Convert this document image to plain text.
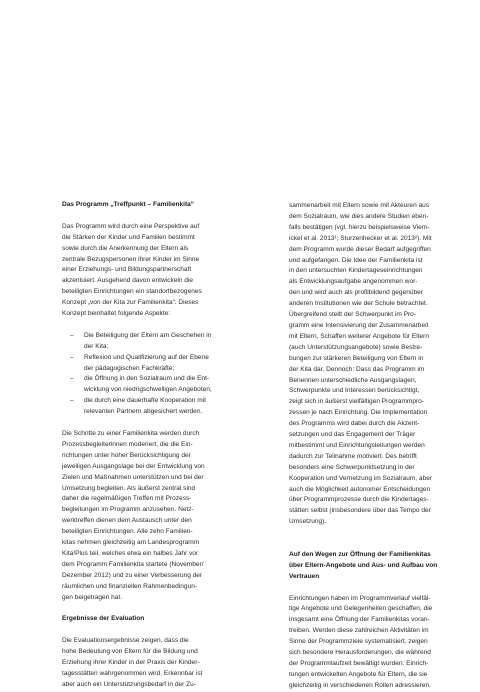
Das Programm „Treffpunkt – Familienkita“

Das Programm wird durch eine Perspektive auf
die Stärken der Kinder und Familien bestimmt
sowie durch die Anerkennung der Eltern als
zentrale Bezugspersonen ihrer Kinder im Sinne
einer Erziehungs- und Bildungspartnerschaft
akzentuiert. Ausgehend davon entwickeln die
beteiligten Einrichtungen ein standortbezogenes
Konzept „von der Kita zur Familienkita“. Dieses
Konzept beinhaltet folgende Aspekte:

– Die Beteiligung der Eltern am Geschehen in
der Kita;
– Reflexion und Qualifizierung auf der Ebene
der pädagogischen Fachkräfte;
– die Öffnung in den Sozialraum und die Ent-
wicklung von niedrigschwelligen Angeboten,
– die durch eine dauerhafte Kooperation mit
relevanten Partnern abgesichert werden.

Die Schritte zu einer Familienkita werden durch
Prozessbegleiterinnen moderiert, die die Ein-
richtungen unter hoher Berücksichtigung der
jeweiligen Ausgangslage bei der Entwicklung von
Zielen und Maßnahmen unterstützen und bei der
Umsetzung begleiten. Als äußerst zentral sind
daher die regelmäßigen Treffen mit Prozess-
begleitungen im Programm anzusehen. Netz-
werktreffen dienen dem Austausch unter den
beteiligten Einrichtungen. Alle zehn Familien-
kitas nehmen gleichzeitig am Landesprogramm
Kita!Plus teil, welches etwa ein halbes Jahr vor
dem Programm Familienkita startete (November/
Dezember 2012) und zu einer Verbesserung der
räumlichen und finanziellen Rahmenbedingun-
gen beigetragen hat.

Ergebnisse der Evaluation

Die Evaluationsergebnisse zeigen, dass die
hohe Bedeutung von Eltern für die Bildung und
Erziehung ihrer Kinder in der Praxis der Kinder-
tagesstätten wahrgenommen wird. Erkennbar ist
aber auch ein Unterstützungsbedarf in der Zu-

sammenarbeit mit Eltern sowie mit Akteuren aus
dem Sozialraum, wie dies andere Studien eben-
falls bestätigen (vgl. hierzu beispielsweise Viern-
ickel et al. 2013¹; Sturzenhecker et al. 2013²). Mit
dem Programm wurde dieser Bedarf aufgegriffen
und aufgefangen. Die Idee der Familienkita ist
in den untersuchten Kindertageseinrichtungen
als Entwicklungsaufgabe angenommen wor-
den und wird auch als profilbildend gegenüber
anderen Institutionen wie der Schule betrachtet.
Übergreifend stellt der Schwerpunkt im Pro-
gramm eine Intensivierung der Zusammenarbeit
mit Eltern, Schaffen weiterer Angebote für Eltern
(auch Unterstützungsangebote) sowie Bestre-
bungen zur stärkeren Beteiligung von Eltern in
der Kita dar. Dennoch: Dass das Programm im
Benennen unterschiedliche Ausgangslagen,
Schwerpunkte und Interessen berücksichtigt,
zeigt sich in äußerst vielfältigen Programmpro-
zessen je nach Einrichtung. Die Implementation
des Programms wird dabei durch die Akzent-
setzungen und das Engagement der Träger
mitbestimmt und Einrichtungsleitungen werden
dadurch zur Teilnahme motiviert. Des betrifft
besonders eine Schwerpunktsetzung in der
Kooperation und Vernetzung im Sozialraum, aber
auch die Möglichkeit autonomer Entscheidungen
über Programmprozesse durch die Kindertages-
stätten selbst (insbesondere über das Tempo der
Umsetzung).

Auf den Wegen zur Öffnung der Familienkitas
über Eltern-Angebote und Aus- und Aufbau von
Vertrauen

Einrichtungen haben im Programmverlauf vielfäl-
tige Angebote und Gelegenheiten geschaffen, die
insgesamt eine Öffnung der Familienkitas voran-
treiben. Werden diese zahlreichen Aktivitäten im
Sinne der Programmziele systematisiert, zeigen
sich besondere Herausforderungen, die während
der Programmlaufzeit bewältigt wurden: Einrich-
tungen entwickelten Angebote für Eltern, die sie
gleichzeitig in verschiedenen Rollen adressieren.
